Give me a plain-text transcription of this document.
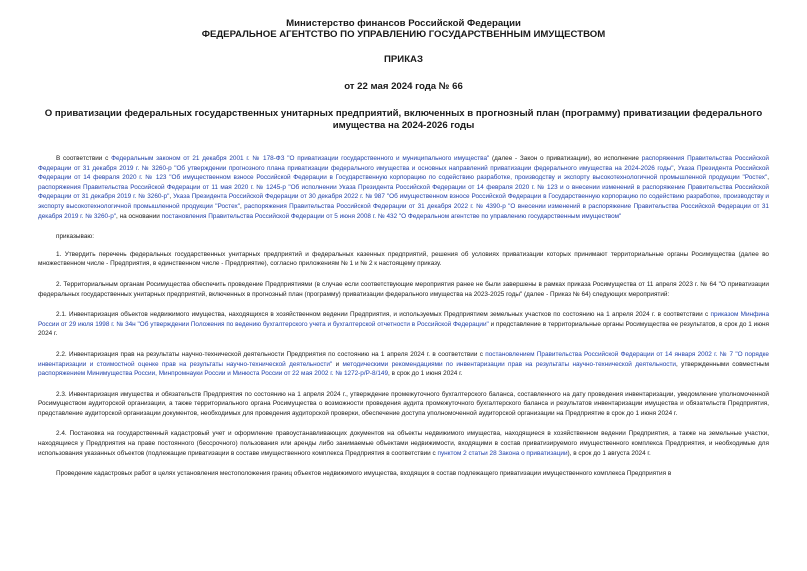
Министерство финансов Российской Федерации
ФЕДЕРАЛЬНОЕ АГЕНТСТВО ПО УПРАВЛЕНИЮ ГОСУДАРСТВЕННЫМ ИМУЩЕСТВОМ
ПРИКАЗ
от 22 мая 2024 года № 66
О приватизации федеральных государственных унитарных предприятий, включенных в прогнозный план (программу) приватизации федерального имущества на 2024-2026 годы

В соответствии с Федеральным законом от 21 декабря 2001 г. № 178-ФЗ "О приватизации государственного и муниципального имущества" (далее - Закон о приватизации), во исполнение распоряжения Правительства Российской Федерации от 31 декабря 2019 г. № 3260-р "Об утверждении прогнозного плана приватизации федерального имущества и основных направлений приватизации федерального имущества на 2024-2026 годы", Указа Президента Российской Федерации от 14 февраля 2020 г. № 123 "Об имущественном взносе Российской Федерации в Государственную корпорацию по содействию разработке, производству и экспорту высокотехнологичной промышленной продукции "Ростех", распоряжения Правительства Российской Федерации от 11 мая 2020 г. № 1245-р "Об исполнении Указа Президента Российской Федерации от 14 февраля 2020 г. № 123 и о внесении изменений в распоряжение Правительства Российской Федерации от 31 декабря 2019 г. № 3260-р", Указа Президента Российской Федерации от 30 декабря 2022 г. № 987 "Об имущественном взносе Российской Федерации в Государственную корпорацию по содействию разработке, производству и экспорту высокотехнологичной промышленной продукции "Ростех", распоряжения Правительства Российской Федерации от 31 декабря 2022 г. № 4390-р "О внесении изменений в распоряжение Правительства Российской Федерации от 31 декабря 2019 г. № 3260-р", на основании постановления Правительства Российской Федерации от 5 июня 2008 г. № 432 "О Федеральном агентстве по управлению государственным имуществом"

приказываю:

1. Утвердить перечень федеральных государственных унитарных предприятий и федеральных казенных предприятий, решения об условиях приватизации которых принимают территориальные органы Росимущества (далее во множественном числе - Предприятия, в единственном числе - Предприятие), согласно приложениям № 1 и № 2 к настоящему приказу.

2. Территориальным органам Росимущества обеспечить проведение Предприятиями (в случае если соответствующие мероприятия ранее не были завершены в рамках приказа Росимущества от 11 апреля 2023 г. № 64 "О приватизации федеральных государственных унитарных предприятий, включенных в прогнозный план (программу) приватизации федерального имущества на 2023-2025 годы" (далее - Приказ № 64) следующих мероприятий:

2.1. Инвентаризация объектов недвижимого имущества, находящихся в хозяйственном ведении Предприятия, и используемых Предприятием земельных участков по состоянию на 1 апреля 2024 г. в соответствии с приказом Минфина России от 29 июля 1998 г. № 34н "Об утверждении Положения по ведению бухгалтерского учета и бухгалтерской отчетности в Российской Федерации" и представление в территориальные органы Росимущества ее результатов, в срок до 1 июня 2024 г.

2.2. Инвентаризация прав на результаты научно-технической деятельности Предприятия по состоянию на 1 апреля 2024 г. в соответствии с постановлением Правительства Российской Федерации от 14 января 2002 г. № 7 "О порядке инвентаризации и стоимостной оценке прав на результаты научно-технической деятельности" и методическими рекомендациями по инвентаризации прав на результаты научно-технической деятельности, утвержденными совместным распоряжением Минимущества России, Минпромнауки России и Минюста России от 22 мая 2002 г. № 1272-р/Р-8/149, в срок до 1 июня 2024 г.

2.3. Инвентаризация имущества и обязательств Предприятия по состоянию на 1 апреля 2024 г., утверждение промежуточного бухгалтерского баланса, составленного на дату проведения инвентаризации, уведомление уполномоченной Росимуществом аудиторской организации, а также территориального органа Росимущества о возможности проведения аудита промежуточного бухгалтерского баланса и результатов инвентаризации имущества и обязательств Предприятия, представление аудиторской организации документов, необходимых для проведения аудиторской проверки, обеспечение доступа уполномоченной аудиторской организации на Предприятие в срок до 1 июня 2024 г.

2.4. Постановка на государственный кадастровый учет и оформление правоустанавливающих документов на объекты недвижимого имущества, находящиеся в хозяйственном ведении Предприятия, а также на земельные участки, находящиеся у Предприятия на праве постоянного (бессрочного) пользования или аренды либо занимаемые объектами недвижимости, входящими в состав приватизируемого имущественного комплекса Предприятия, и необходимые для использования указанных объектов (подлежащие приватизации в составе имущественного комплекса Предприятия в соответствии с пунктом 2 статьи 28 Закона о приватизации), в срок до 1 августа 2024 г.

Проведение кадастровых работ в целях установления местоположения границ объектов недвижимого имущества, входящих в состав подлежащего приватизации имущественного комплекса Предприятия в
